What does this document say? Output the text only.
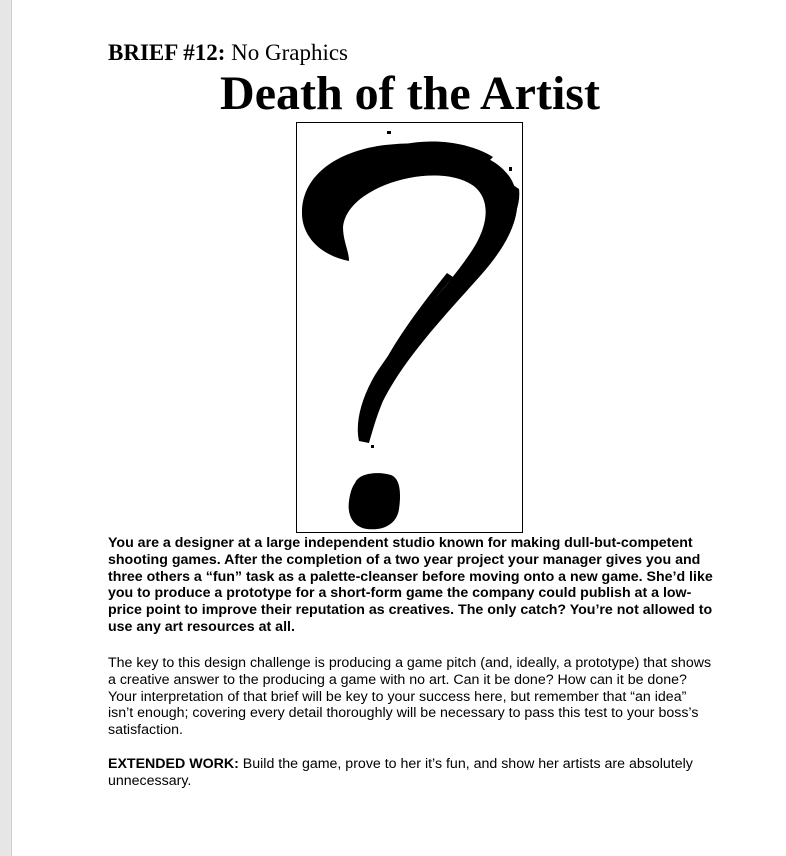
BRIEF #12: No Graphics
Death of the Artist

You are a designer at a large independent studio known for making dull-but-competent shooting games. After the completion of a two year project your manager gives you and three others a “fun” task as a palette-cleanser before moving onto a new game. She’d like you to produce a prototype for a short-form game the company could publish at a low-price point to improve their reputation as creatives. The only catch? You’re not allowed to use any art resources at all.

The key to this design challenge is producing a game pitch (and, ideally, a prototype) that shows a creative answer to the producing a game with no art. Can it be done? How can it be done? Your interpretation of that brief will be key to your success here, but remember that “an idea” isn’t enough; covering every detail thoroughly will be necessary to pass this test to your boss’s satisfaction.

EXTENDED WORK: Build the game, prove to her it’s fun, and show her artists are absolutely unnecessary.
